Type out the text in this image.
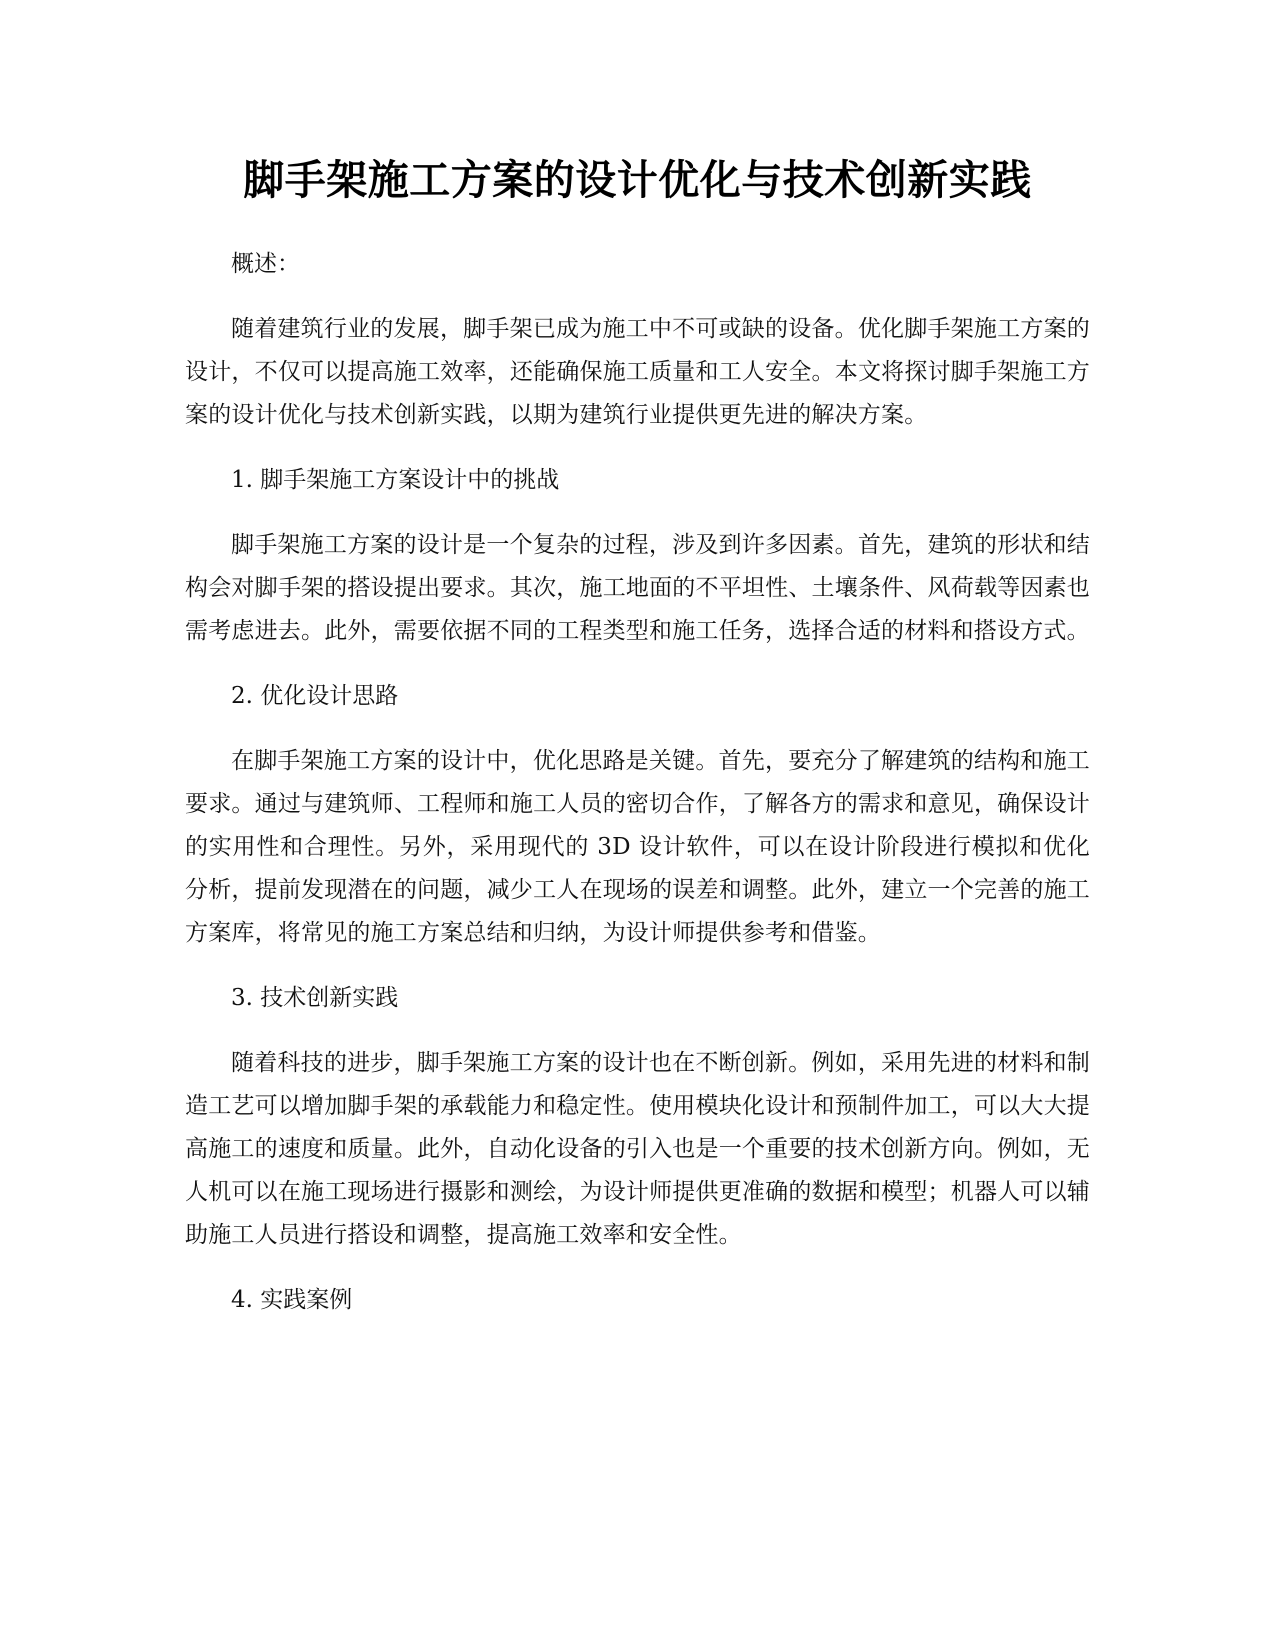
脚手架施工方案的设计优化与技术创新实践

概述：

随着建筑行业的发展，脚手架已成为施工中不可或缺的设备。优化脚手架施工方案的设计，不仅可以提高施工效率，还能确保施工质量和工人安全。本文将探讨脚手架施工方案的设计优化与技术创新实践，以期为建筑行业提供更先进的解决方案。

1. 脚手架施工方案设计中的挑战

脚手架施工方案的设计是一个复杂的过程，涉及到许多因素。首先，建筑的形状和结构会对脚手架的搭设提出要求。其次，施工地面的不平坦性、土壤条件、风荷载等因素也需考虑进去。此外，需要依据不同的工程类型和施工任务，选择合适的材料和搭设方式。

2. 优化设计思路

在脚手架施工方案的设计中，优化思路是关键。首先，要充分了解建筑的结构和施工要求。通过与建筑师、工程师和施工人员的密切合作，了解各方的需求和意见，确保设计的实用性和合理性。另外，采用现代的 3D 设计软件，可以在设计阶段进行模拟和优化分析，提前发现潜在的问题，减少工人在现场的误差和调整。此外，建立一个完善的施工方案库，将常见的施工方案总结和归纳，为设计师提供参考和借鉴。

3. 技术创新实践

随着科技的进步，脚手架施工方案的设计也在不断创新。例如，采用先进的材料和制造工艺可以增加脚手架的承载能力和稳定性。使用模块化设计和预制件加工，可以大大提高施工的速度和质量。此外，自动化设备的引入也是一个重要的技术创新方向。例如，无人机可以在施工现场进行摄影和测绘，为设计师提供更准确的数据和模型；机器人可以辅助施工人员进行搭设和调整，提高施工效率和安全性。

4. 实践案例
